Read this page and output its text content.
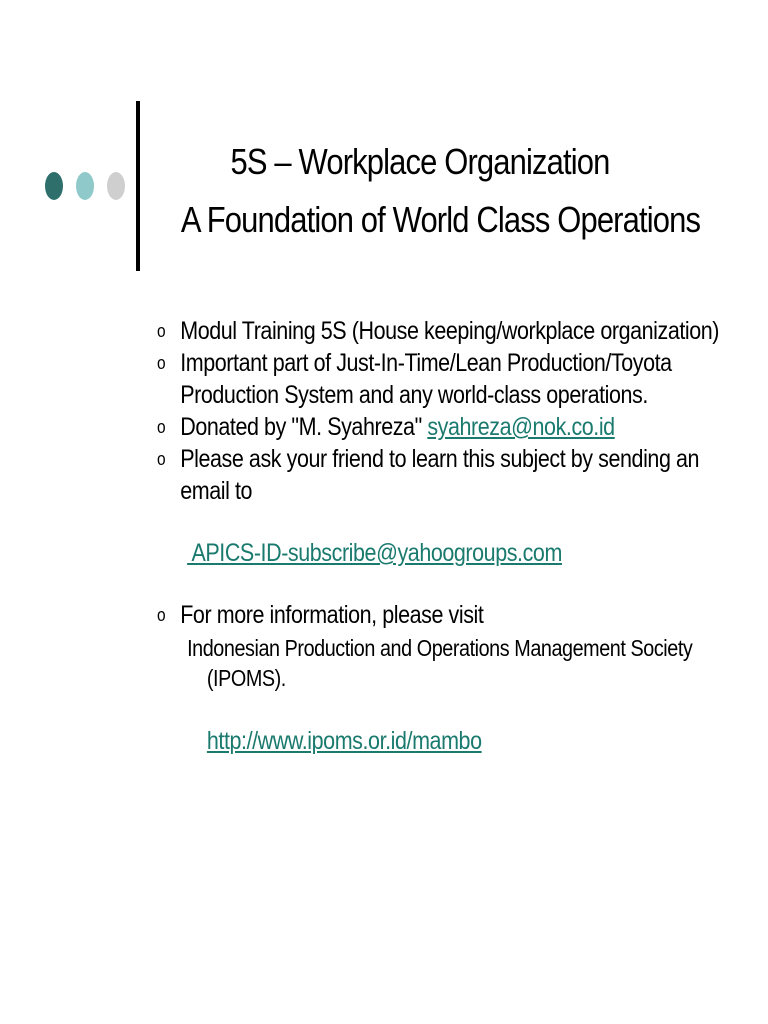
5S – Workplace Organization
A Foundation of World Class Operations
o Modul Training 5S (House keeping/workplace organization)
o Important part of Just-In-Time/Lean Production/Toyota
Production System and any world-class operations.
o Donated by "M. Syahreza" syahreza@nok.co.id
o Please ask your friend to learn this subject by sending an
email to
APICS-ID-subscribe@yahoogroups.com
o For more information, please visit
Indonesian Production and Operations Management Society
(IPOMS).
http://www.ipoms.or.id/mambo
